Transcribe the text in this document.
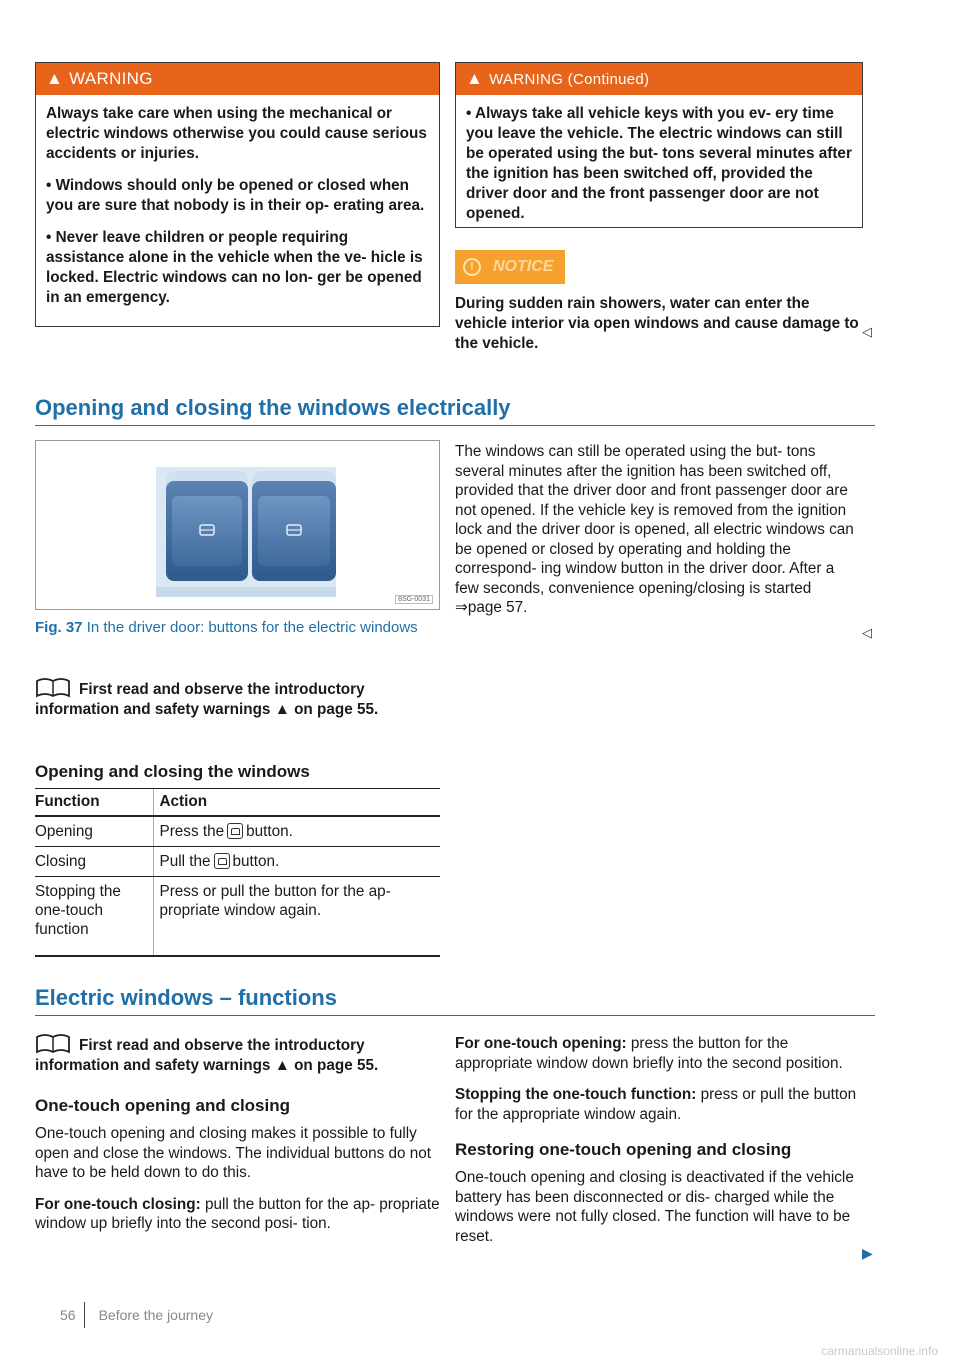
▲ WARNING

Always take care when using the mechanical or electric windows otherwise you could cause serious accidents or injuries.

• Windows should only be opened or closed when you are sure that nobody is in their op- erating area.

• Never leave children or people requiring assistance alone in the vehicle when the ve- hicle is locked. Electric windows can no lon- ger be opened in an emergency.

▲ WARNING (Continued)

• Always take all vehicle keys with you ev- ery time you leave the vehicle. The electric windows can still be operated using the but- tons several minutes after the ignition has been switched off, provided the driver door and the front passenger door are not opened.

!	NOTICE
During sudden rain showers, water can enter the vehicle interior via open windows and cause damage to the vehicle.
◁
Opening and closing the windows electrically
8SG-0031
Fig. 37 In the driver door: buttons for the electric windows
First read and observe the introductory information and safety warnings ▲ on page 55.
Opening and closing the windows
Function	Action
Opening	Press the button.
Closing	Pull the button.
Stopping the one-touch function	Press or pull the button for the ap- propriate window again.
The windows can still be operated using the but- tons several minutes after the ignition has been switched off, provided that the driver door and front passenger door are not opened. If the vehicle key is removed from the ignition lock and the driver door is opened, all electric windows can be opened or closed by operating and holding the correspond- ing window button in the driver door. After a few seconds, convenience opening/closing is started ⇒page 57.
◁
Electric windows – functions
First read and observe the introductory information and safety warnings ▲ on page 55.
One-touch opening and closing
One-touch opening and closing makes it possible to fully open and close the windows. The individual buttons do not have to be held down to do this.
For one-touch closing: pull the button for the ap- propriate window up briefly into the second posi- tion.
For one-touch opening: press the button for the appropriate window down briefly into the second position.
Stopping the one-touch function: press or pull the button for the appropriate window again.
Restoring one-touch opening and closing
One-touch opening and closing is deactivated if the vehicle battery has been disconnected or dis- charged while the windows were not fully closed. The function will have to be reset.
▶
56 Before the journey
carmanualsonline.info
